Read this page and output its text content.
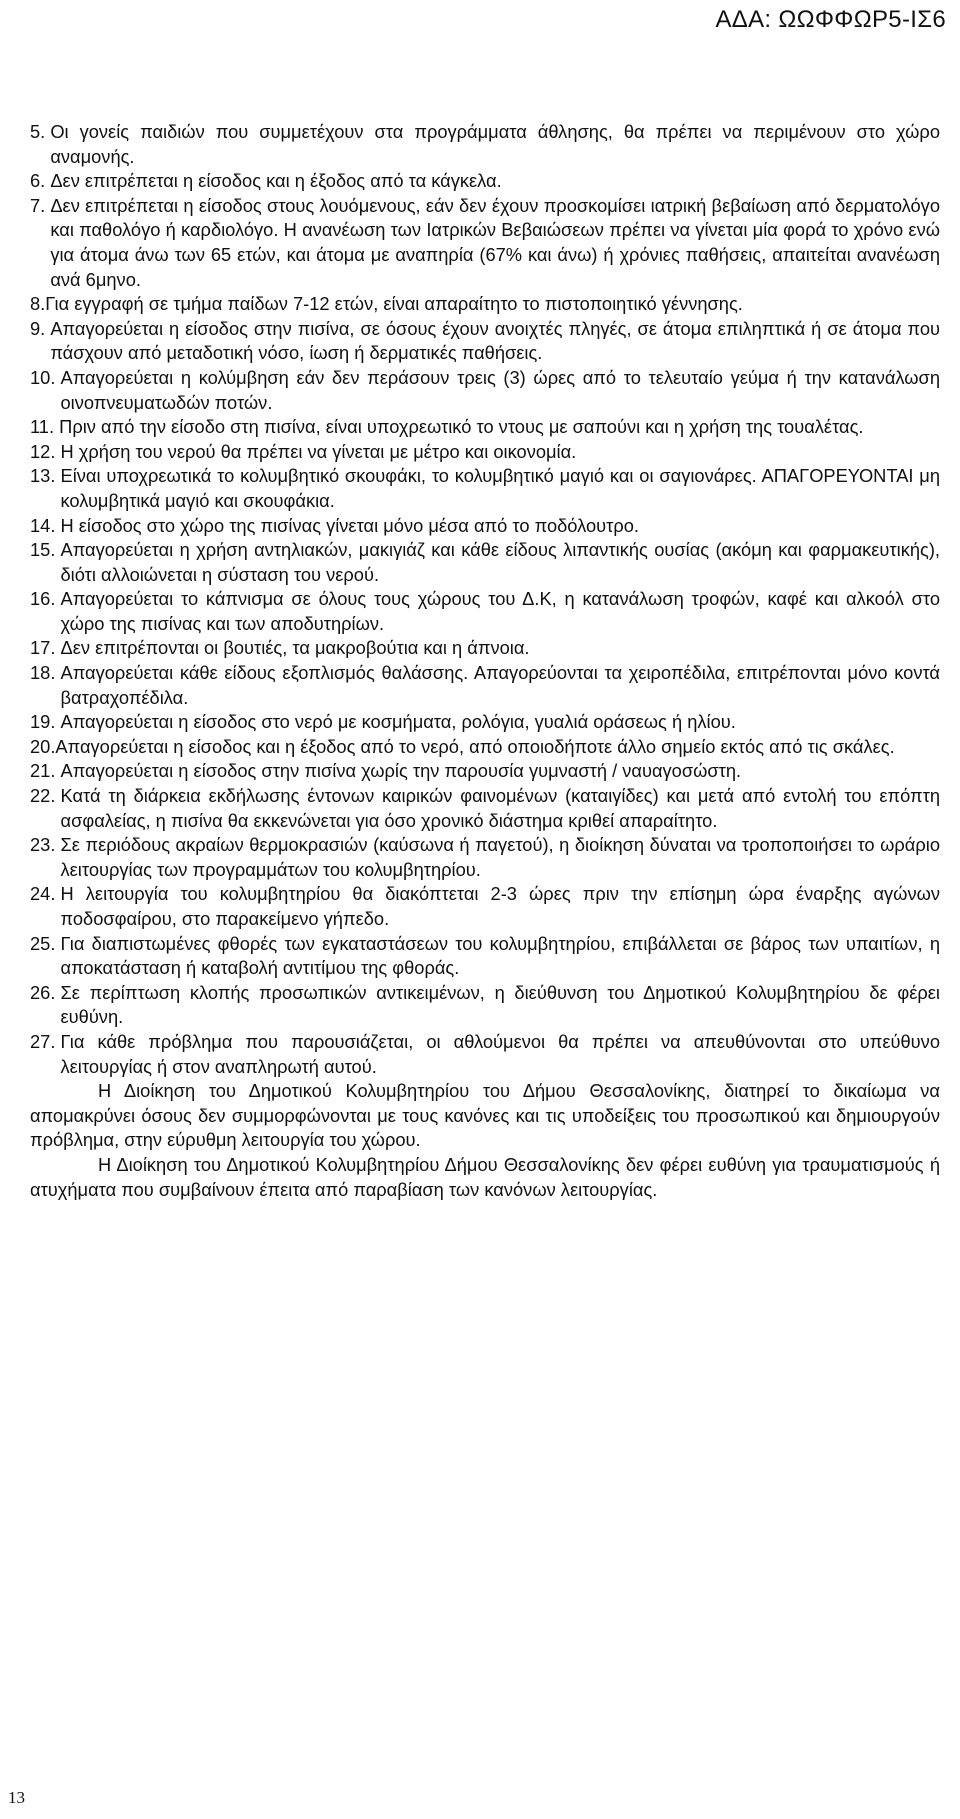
ΑΔΑ: ΩΩΦΦΩΡ5-ΙΣ6
5. Οι γονείς παιδιών που συμμετέχουν στα προγράμματα άθλησης, θα πρέπει να περιμένουν στο χώρο αναμονής.
6. Δεν επιτρέπεται η είσοδος και η έξοδος από τα κάγκελα.
7. Δεν επιτρέπεται η είσοδος στους λουόμενους, εάν δεν έχουν προσκομίσει ιατρική βεβαίωση από δερματολόγο και παθολόγο ή καρδιολόγο. Η ανανέωση των Ιατρικών Βεβαιώσεων πρέπει να γίνεται μία φορά το χρόνο ενώ για άτομα άνω των 65 ετών, και άτομα με αναπηρία (67% και άνω) ή χρόνιες παθήσεις, απαιτείται ανανέωση ανά 6μηνο.
8. Για εγγραφή σε τμήμα παίδων 7-12 ετών, είναι απαραίτητο το πιστοποιητικό γέννησης.
9. Απαγορεύεται η είσοδος στην πισίνα, σε όσους έχουν ανοιχτές πληγές, σε άτομα επιληπτικά ή σε άτομα που πάσχουν από μεταδοτική νόσο, ίωση ή δερματικές παθήσεις.
10. Απαγορεύεται η κολύμβηση εάν δεν περάσουν τρεις (3) ώρες από το τελευταίο γεύμα ή την κατανάλωση οινοπνευματωδών ποτών.
11. Πριν από την είσοδο στη πισίνα, είναι υποχρεωτικό το ντους με σαπούνι και η χρήση της τουαλέτας.
12. Η χρήση του νερού θα πρέπει να γίνεται με μέτρο και οικονομία.
13. Είναι υποχρεωτικά το κολυμβητικό σκουφάκι, το κολυμβητικό μαγιό και οι σαγιονάρες. ΑΠΑΓΟΡΕΥΟΝΤΑΙ μη κολυμβητικά μαγιό και σκουφάκια.
14. Η είσοδος στο χώρο της πισίνας γίνεται μόνο μέσα από το ποδόλουτρο.
15. Απαγορεύεται η χρήση αντηλιακών, μακιγιάζ και κάθε είδους λιπαντικής ουσίας (ακόμη και φαρμακευτικής), διότι αλλοιώνεται η σύσταση του νερού.
16. Απαγορεύεται το κάπνισμα σε όλους τους χώρους του Δ.Κ, η κατανάλωση τροφών, καφέ και αλκοόλ στο χώρο της πισίνας και των αποδυτηρίων.
17. Δεν επιτρέπονται οι βουτιές, τα μακροβούτια και η άπνοια.
18. Απαγορεύεται κάθε είδους εξοπλισμός θαλάσσης. Απαγορεύονται τα χειροπέδιλα, επιτρέπονται μόνο κοντά βατραχοπέδιλα.
19. Απαγορεύεται η είσοδος στο νερό με κοσμήματα, ρολόγια, γυαλιά οράσεως ή ηλίου.
20. Απαγορεύεται η είσοδος και η έξοδος από το νερό, από οποιοδήποτε άλλο σημείο εκτός από τις σκάλες.
21. Απαγορεύεται η είσοδος στην πισίνα χωρίς την παρουσία γυμναστή / ναυαγοσώστη.
22. Κατά τη διάρκεια εκδήλωσης έντονων καιρικών φαινομένων (καταιγίδες) και μετά από εντολή του επόπτη ασφαλείας, η πισίνα θα εκκενώνεται για όσο χρονικό διάστημα κριθεί απαραίτητο.
23. Σε περιόδους ακραίων θερμοκρασιών (καύσωνα ή παγετού), η διοίκηση δύναται να τροποποιήσει το ωράριο λειτουργίας των προγραμμάτων του κολυμβητηρίου.
24. Η λειτουργία του κολυμβητηρίου θα διακόπτεται 2-3 ώρες πριν την επίσημη ώρα έναρξης αγώνων ποδοσφαίρου, στο παρακείμενο γήπεδο.
25. Για διαπιστωμένες φθορές των εγκαταστάσεων του κολυμβητηρίου, επιβάλλεται σε βάρος των υπαιτίων, η αποκατάσταση ή καταβολή αντιτίμου της φθοράς.
26. Σε περίπτωση κλοπής προσωπικών αντικειμένων, η διεύθυνση του Δημοτικού Κολυμβητηρίου δε φέρει ευθύνη.
27. Για κάθε πρόβλημα που παρουσιάζεται, οι αθλούμενοι θα πρέπει να απευθύνονται στο υπεύθυνο λειτουργίας ή στον αναπληρωτή αυτού.

Η Διοίκηση του Δημοτικού Κολυμβητηρίου του Δήμου Θεσσαλονίκης, διατηρεί το δικαίωμα να απομακρύνει όσους δεν συμμορφώνονται με τους κανόνες και τις υποδείξεις του προσωπικού και δημιουργούν πρόβλημα, στην εύρυθμη λειτουργία του χώρου.

Η Διοίκηση του Δημοτικού Κολυμβητηρίου Δήμου Θεσσαλονίκης δεν φέρει ευθύνη για τραυματισμούς ή ατυχήματα που συμβαίνουν έπειτα από παραβίαση των κανόνων λειτουργίας.

13
